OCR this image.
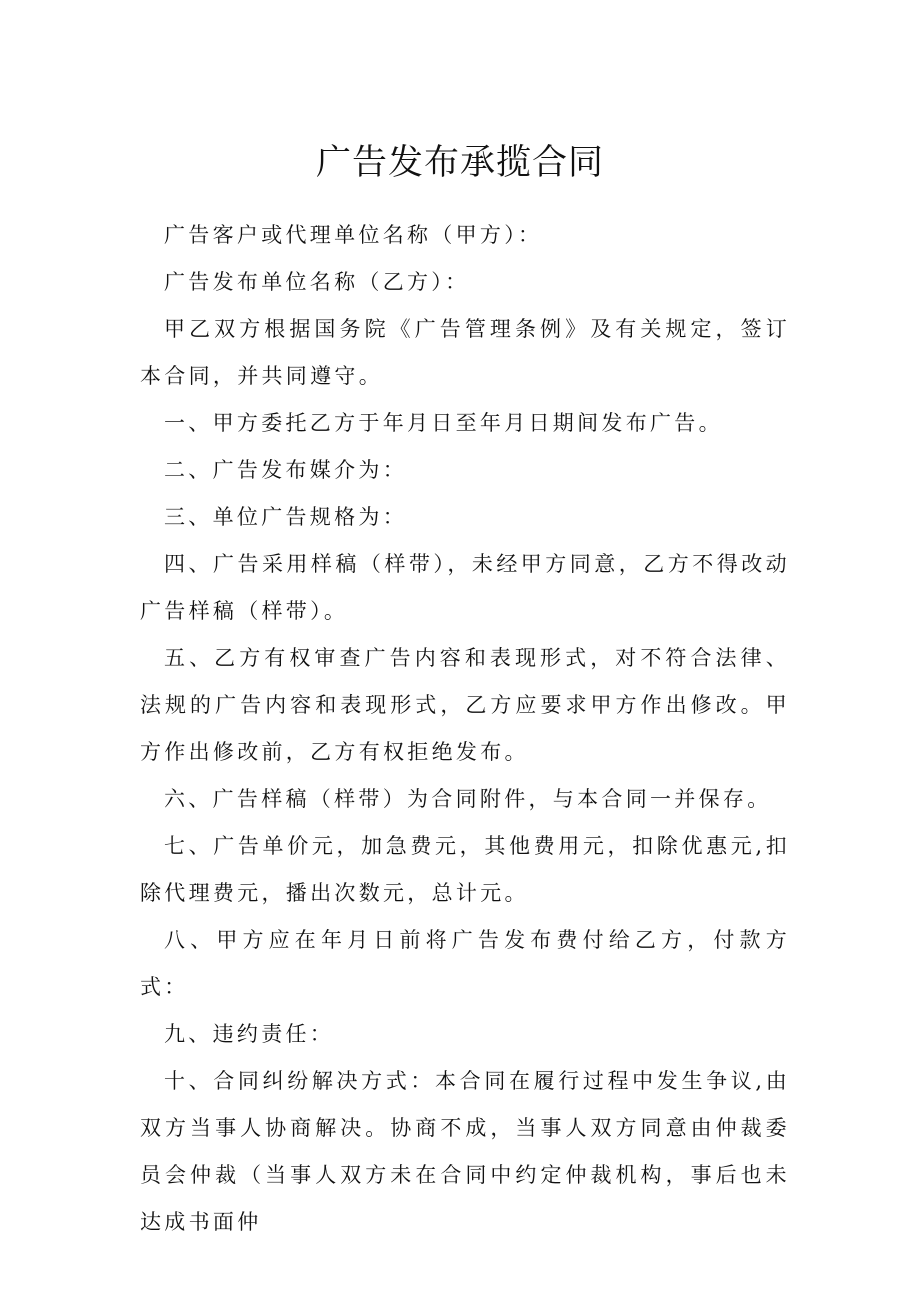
广告发布承揽合同

广告客户或代理单位名称（甲方）：

广告发布单位名称（乙方）：

甲乙双方根据国务院《广告管理条例》及有关规定，签订本合同，并共同遵守。

一、甲方委托乙方于年月日至年月日期间发布广告。

二、广告发布媒介为：

三、单位广告规格为：

四、广告采用样稿（样带），未经甲方同意，乙方不得改动广告样稿（样带）。

五、乙方有权审查广告内容和表现形式，对不符合法律、法规的广告内容和表现形式，乙方应要求甲方作出修改。甲方作出修改前，乙方有权拒绝发布。

六、广告样稿（样带）为合同附件，与本合同一并保存。

七、广告单价元，加急费元，其他费用元，扣除优惠元,扣除代理费元，播出次数元，总计元。

八、甲方应在年月日前将广告发布费付给乙方，付款方式：

九、违约责任：

十、合同纠纷解决方式：本合同在履行过程中发生争议,由双方当事人协商解决。协商不成，当事人双方同意由仲裁委员会仲裁（当事人双方未在合同中约定仲裁机构，事后也未达成书面仲
